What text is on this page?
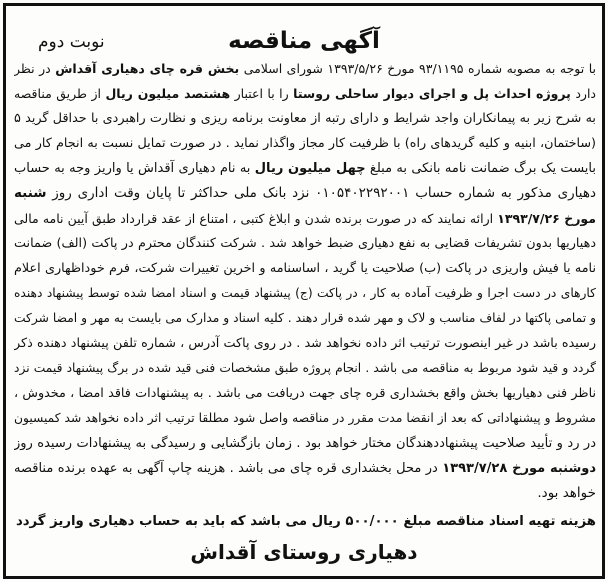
نوبت دوم	آگهی مناقصه
با توجه به مصوبه شماره ۹۳/۱۱۹۵ مورخ ۱۳۹۳/۵/۲۶ شورای اسلامی بخش قره چای دهیاری آقداش در نظر
دارد پروژه احداث پل و اجرای دیوار ساحلی روستا را با اعتبار هشتصد میلیون ریال از طریق مناقصه
به شرح زیر به پیمانکاران واجد شرایط و دارای رتبه از معاونت برنامه ریزی و نظارت راهبردی با حداقل گرید ۵
(ساختمان، ابنیه و کلیه گریدهای راه) با ظرفیت کار مجاز واگذار نماید . در صورت تمایل نسبت به انجام کار می
بایست یک برگ ضمانت نامه بانکی به مبلغ چهل میلیون ریال به نام دهیاری آقداش یا واریز وجه به حساب
دهیاری مذکور به شماره حساب ۰۱۰۵۴۰۲۲۹۲۰۰۱ نزد بانک ملی حداکثر تا پایان وقت اداری روز شنبه
مورخ ۱۳۹۳/۷/۲۶ ارائه نمایند که در صورت برنده شدن و ابلاغ کتبی ، امتناع از عقد قرارداد طبق آیین نامه مالی
دهیاریها بدون تشریفات قضایی به نفع دهیاری ضبط خواهد شد . شرکت کنندگان محترم در پاکت (الف) ضمانت
نامه یا فیش واریزی در پاکت (ب) صلاحیت یا گرید ، اساسنامه و اخرین تغییرات شرکت، فرم خوداظهاری اعلام
کارهای در دست اجرا و ظرفیت آماده به کار ، در پاکت (ج) پیشنهاد قیمت و اسناد امضا شده توسط پیشنهاد دهنده
و تمامی پاکتها در لفاف مناسب و لاک و مهر شده قرار دهند . کلیه اسناد و مدارک می بایست به مهر و امضا شرکت
رسیده باشد در غیر اینصورت ترتیب اثر داده نخواهد شد . در روی پاکت آدرس ، شماره تلفن پیشنهاد دهنده ذکر
گردد و قید شود مربوط به مناقصه می باشد . انجام پروژه طبق مشخصات فنی قید شده در برگ پیشنهاد قیمت نزد
ناظر فنی دهیاریها بخش واقع بخشداری قره چای جهت دریافت می باشد . به پیشنهادات فاقد امضا ، مخدوش ،
مشروط و پیشنهاداتی که بعد از انقضا مدت مقرر در مناقصه واصل شود مطلقا ترتیب اثر داده نخواهد شد کمیسیون
در رد و تأیید صلاحیت پیشنهاددهندگان مختار خواهد بود . زمان بازگشایی و رسیدگی به پیشنهادات رسیده روز
دوشنبه مورخ ۱۳۹۳/۷/۲۸ در محل بخشداری قره چای می باشد . هزینه چاپ آگهی به عهده برنده مناقصه
خواهد بود.
هزینه تهیه اسناد مناقصه مبلغ ۵۰۰/۰۰۰ ریال می باشد که باید به حساب دهیاری واریز گردد
دهیاری روستای آقداش
